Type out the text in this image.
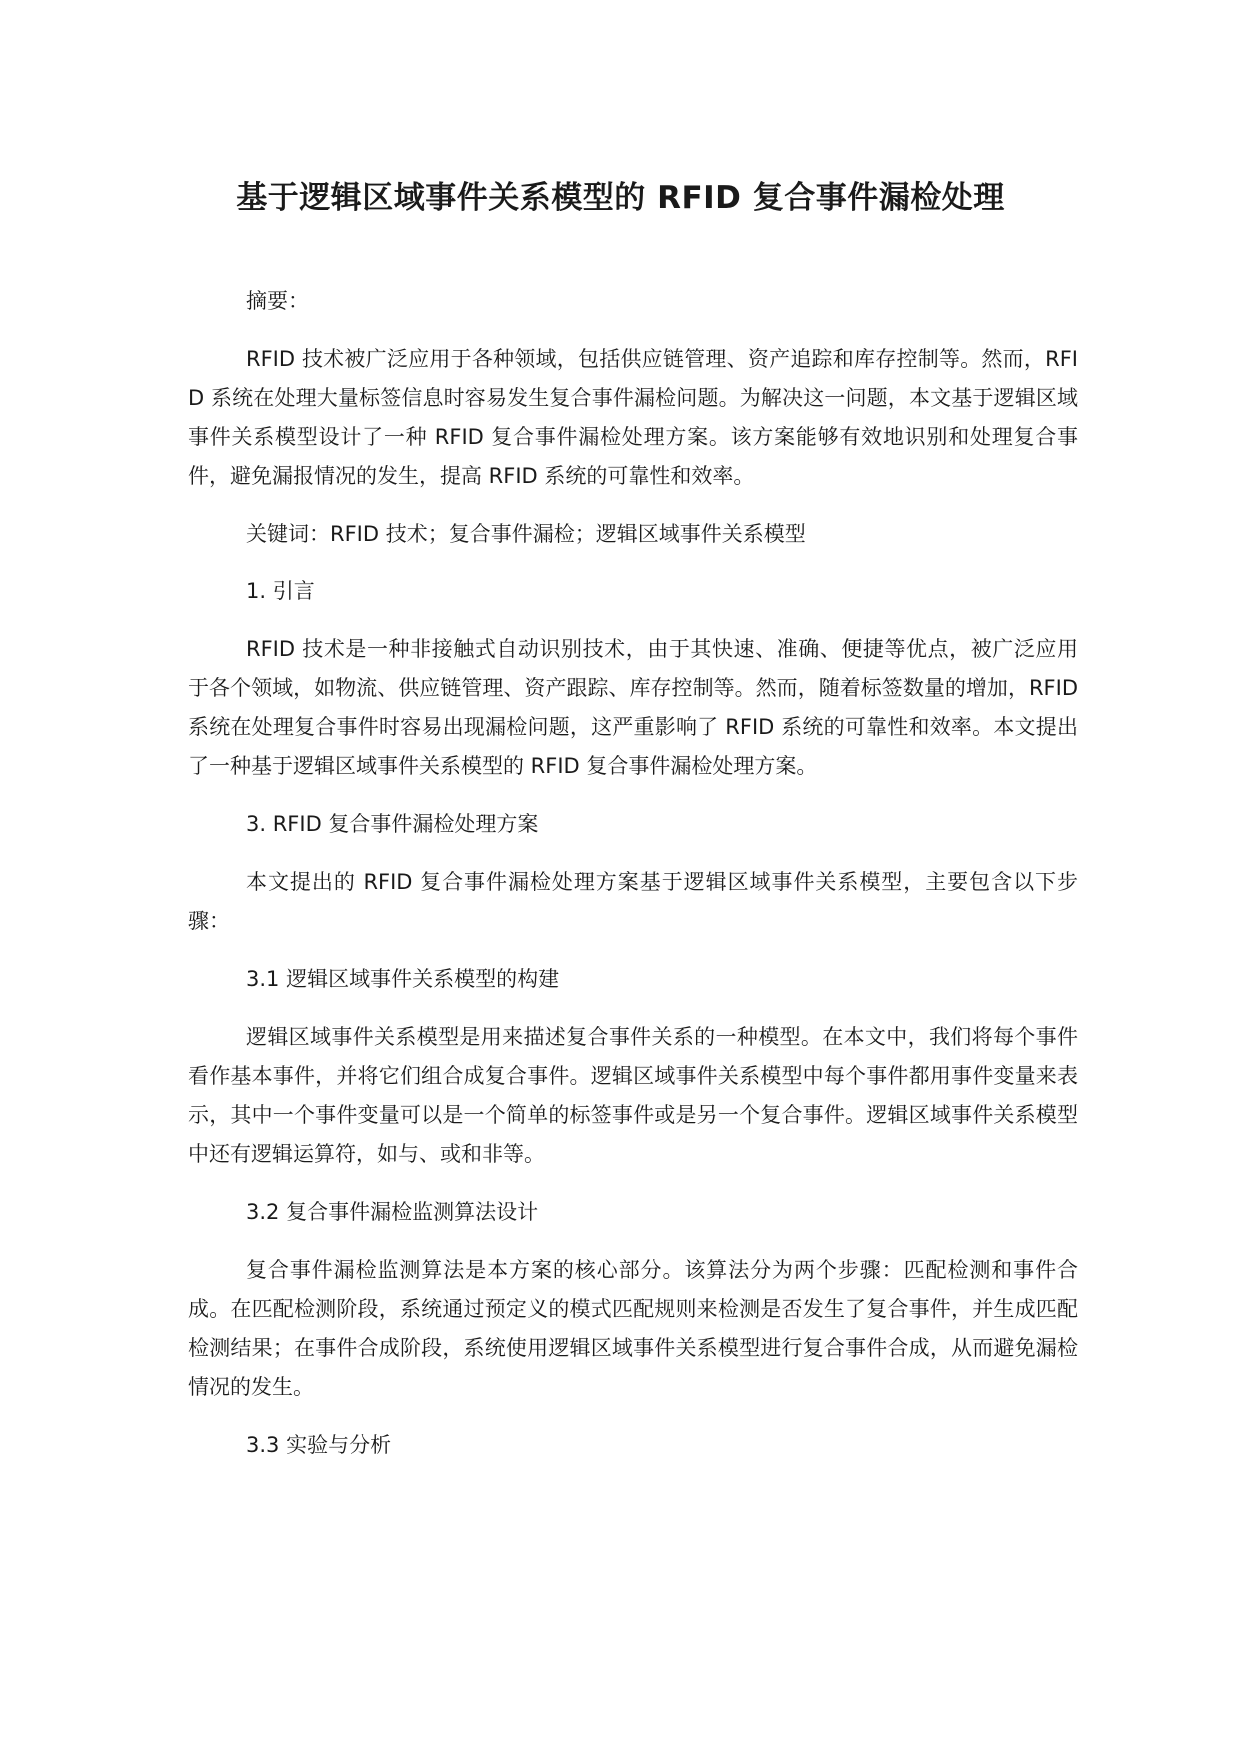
基于逻辑区域事件关系模型的 RFID 复合事件漏检处理

摘要：

RFID 技术被广泛应用于各种领域，包括供应链管理、资产追踪和库存控制等。然而，RFID 系统在处理大量标签信息时容易发生复合事件漏检问题。为解决这一问题，本文基于逻辑区域事件关系模型设计了一种 RFID 复合事件漏检处理方案。该方案能够有效地识别和处理复合事件，避免漏报情况的发生，提高 RFID 系统的可靠性和效率。

关键词：RFID 技术；复合事件漏检；逻辑区域事件关系模型

1. 引言

RFID 技术是一种非接触式自动识别技术，由于其快速、准确、便捷等优点，被广泛应用于各个领域，如物流、供应链管理、资产跟踪、库存控制等。然而，随着标签数量的增加，RFID 系统在处理复合事件时容易出现漏检问题，这严重影响了 RFID 系统的可靠性和效率。本文提出了一种基于逻辑区域事件关系模型的 RFID 复合事件漏检处理方案。

3. RFID 复合事件漏检处理方案

本文提出的 RFID 复合事件漏检处理方案基于逻辑区域事件关系模型，主要包含以下步骤：

3.1 逻辑区域事件关系模型的构建

逻辑区域事件关系模型是用来描述复合事件关系的一种模型。在本文中，我们将每个事件看作基本事件，并将它们组合成复合事件。逻辑区域事件关系模型中每个事件都用事件变量来表示，其中一个事件变量可以是一个简单的标签事件或是另一个复合事件。逻辑区域事件关系模型中还有逻辑运算符，如与、或和非等。

3.2 复合事件漏检监测算法设计

复合事件漏检监测算法是本方案的核心部分。该算法分为两个步骤：匹配检测和事件合成。在匹配检测阶段，系统通过预定义的模式匹配规则来检测是否发生了复合事件，并生成匹配检测结果；在事件合成阶段，系统使用逻辑区域事件关系模型进行复合事件合成，从而避免漏检情况的发生。

3.3 实验与分析
